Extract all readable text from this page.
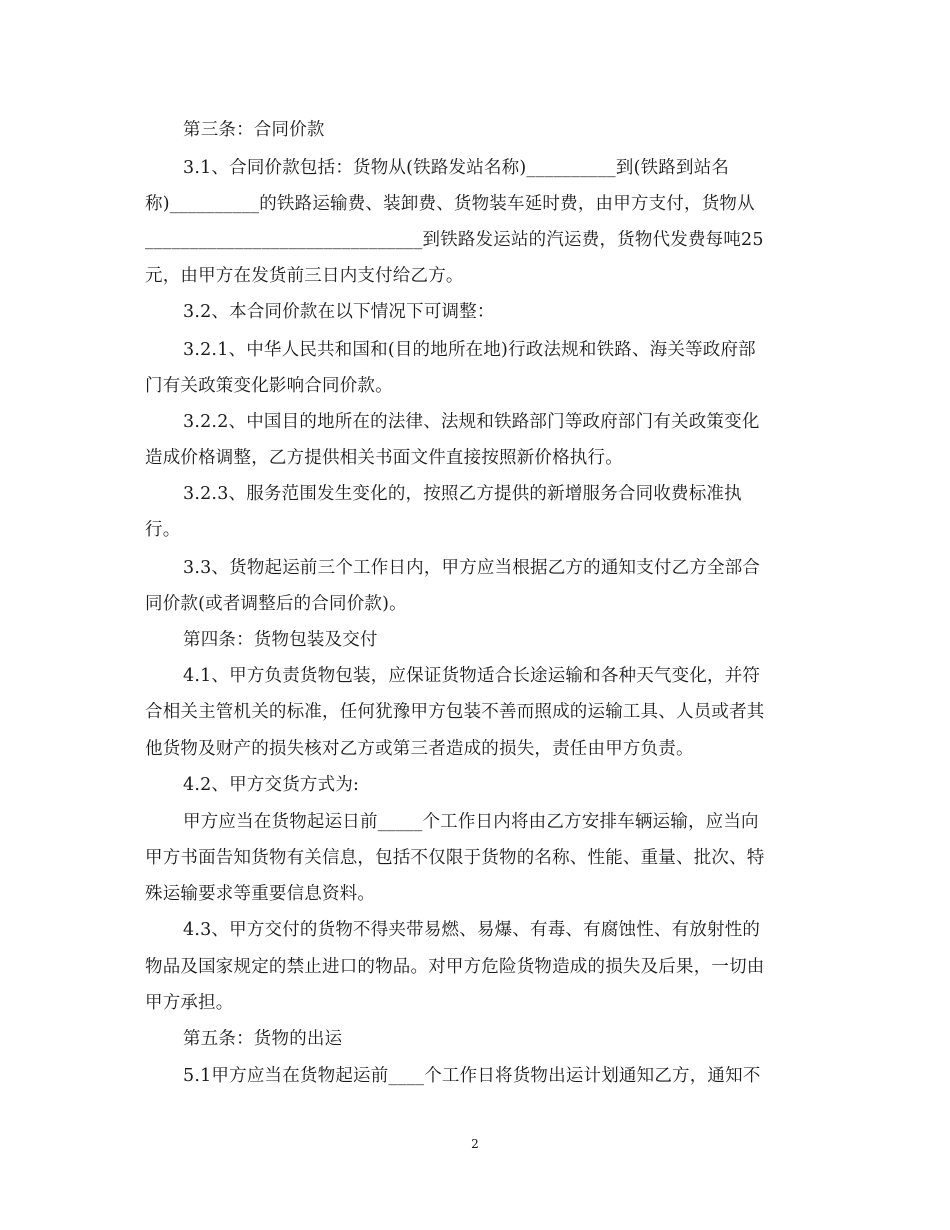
第三条：合同价款
3.1、合同价款包括：货物从(铁路发站名称)__________到(铁路到站名
称)__________的铁路运输费、装卸费、货物装车延时费，由甲方支付，货物从
_______________________________到铁路发运站的汽运费，货物代发费每吨25
元，由甲方在发货前三日内支付给乙方。
3.2、本合同价款在以下情况下可调整：
3.2.1、中华人民共和国和(目的地所在地)行政法规和铁路、海关等政府部
门有关政策变化影响合同价款。
3.2.2、中国目的地所在的法律、法规和铁路部门等政府部门有关政策变化
造成价格调整，乙方提供相关书面文件直接按照新价格执行。
3.2.3、服务范围发生变化的，按照乙方提供的新增服务合同收费标准执
行。
3.3、货物起运前三个工作日内，甲方应当根据乙方的通知支付乙方全部合
同价款(或者调整后的合同价款)。
第四条：货物包装及交付
4.1、甲方负责货物包装，应保证货物适合长途运输和各种天气变化，并符
合相关主管机关的标准，任何犹豫甲方包装不善而照成的运输工具、人员或者其
他货物及财产的损失核对乙方或第三者造成的损失，责任由甲方负责。
4.2、甲方交货方式为:
甲方应当在货物起运日前_____个工作日内将由乙方安排车辆运输，应当向
甲方书面告知货物有关信息，包括不仅限于货物的名称、性能、重量、批次、特
殊运输要求等重要信息资料。
4.3、甲方交付的货物不得夹带易燃、易爆、有毒、有腐蚀性、有放射性的
物品及国家规定的禁止进口的物品。对甲方危险货物造成的损失及后果，一切由
甲方承担。
第五条：货物的出运
5.1甲方应当在货物起运前____个工作日将货物出运计划通知乙方，通知不
2
